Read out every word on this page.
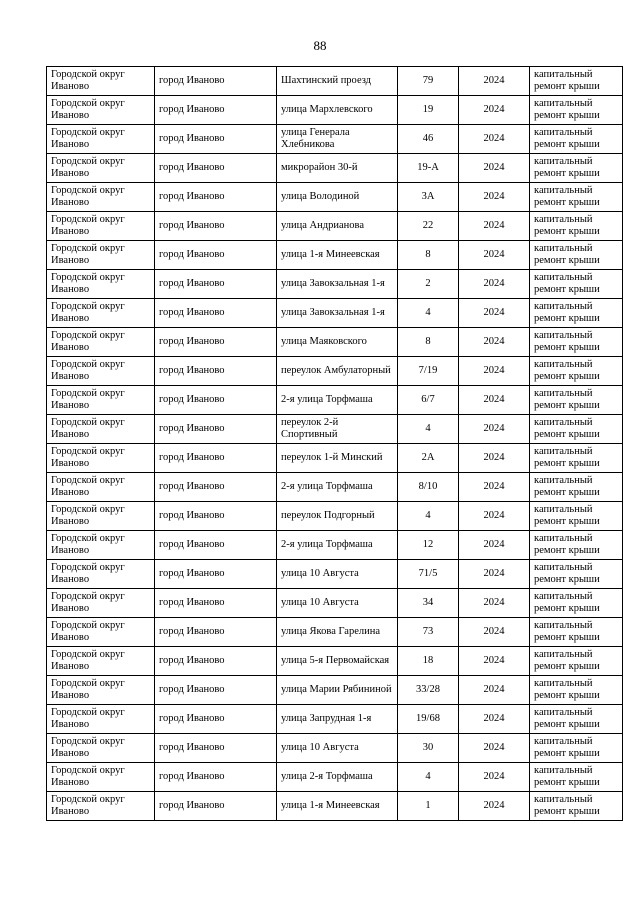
88
Городской округ Иваново	город Иваново	Шахтинский проезд	79	2024	капитальный ремонт крыши
Городской округ Иваново	город Иваново	улица Мархлевского	19	2024	капитальный ремонт крыши
Городской округ Иваново	город Иваново	улица Генерала Хлебникова	46	2024	капитальный ремонт крыши
Городской округ Иваново	город Иваново	микрорайон 30-й	19-А	2024	капитальный ремонт крыши
Городской округ Иваново	город Иваново	улица Володиной	3А	2024	капитальный ремонт крыши
Городской округ Иваново	город Иваново	улица Андрианова	22	2024	капитальный ремонт крыши
Городской округ Иваново	город Иваново	улица 1-я Минеевская	8	2024	капитальный ремонт крыши
Городской округ Иваново	город Иваново	улица Завокзальная 1-я	2	2024	капитальный ремонт крыши
Городской округ Иваново	город Иваново	улица Завокзальная 1-я	4	2024	капитальный ремонт крыши
Городской округ Иваново	город Иваново	улица Маяковского	8	2024	капитальный ремонт крыши
Городской округ Иваново	город Иваново	переулок Амбулаторный	7/19	2024	капитальный ремонт крыши
Городской округ Иваново	город Иваново	2-я улица Торфмаша	6/7	2024	капитальный ремонт крыши
Городской округ Иваново	город Иваново	переулок 2-й Спортивный	4	2024	капитальный ремонт крыши
Городской округ Иваново	город Иваново	переулок 1-й Минский	2А	2024	капитальный ремонт крыши
Городской округ Иваново	город Иваново	2-я улица Торфмаша	8/10	2024	капитальный ремонт крыши
Городской округ Иваново	город Иваново	переулок Подгорный	4	2024	капитальный ремонт крыши
Городской округ Иваново	город Иваново	2-я улица Торфмаша	12	2024	капитальный ремонт крыши
Городской округ Иваново	город Иваново	улица 10 Августа	71/5	2024	капитальный ремонт крыши
Городской округ Иваново	город Иваново	улица 10 Августа	34	2024	капитальный ремонт крыши
Городской округ Иваново	город Иваново	улица Якова Гарелина	73	2024	капитальный ремонт крыши
Городской округ Иваново	город Иваново	улица 5-я Первомайская	18	2024	капитальный ремонт крыши
Городской округ Иваново	город Иваново	улица Марии Рябининой	33/28	2024	капитальный ремонт крыши
Городской округ Иваново	город Иваново	улица Запрудная 1-я	19/68	2024	капитальный ремонт крыши
Городской округ Иваново	город Иваново	улица 10 Августа	30	2024	капитальный ремонт крыши
Городской округ Иваново	город Иваново	улица 2-я Торфмаша	4	2024	капитальный ремонт крыши
Городской округ Иваново	город Иваново	улица 1-я Минеевская	1	2024	капитальный ремонт крыши
